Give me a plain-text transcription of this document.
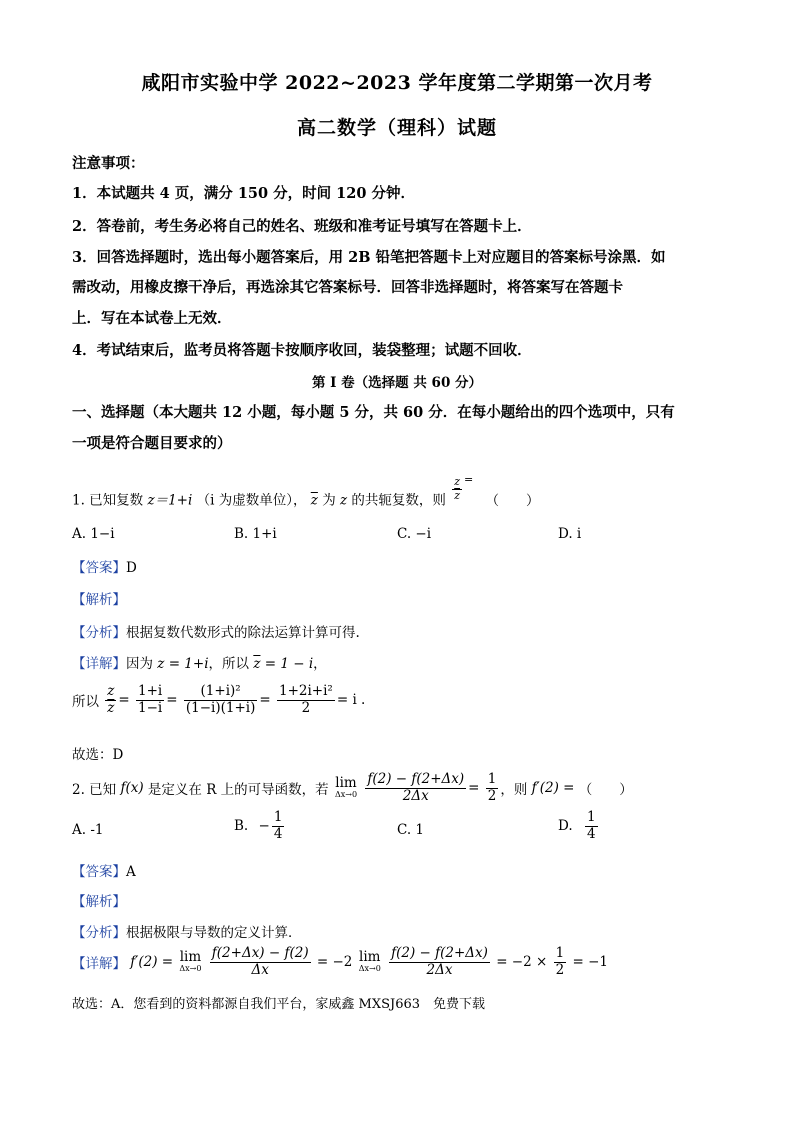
咸阳市实验中学 2022~2023 学年度第二学期第一次月考
高二数学（理科）试题
注意事项：
1．本试题共 4 页，满分 150 分，时间 120 分钟．
2．答卷前，考生务必将自己的姓名、班级和准考证号填写在答题卡上．
3．回答选择题时，选出每小题答案后，用 2B 铅笔把答题卡上对应题目的答案标号涂黑．如
需改动，用橡皮擦干净后，再选涂其它答案标号．回答非选择题时，将答案写在答题卡
上．写在本试卷上无效．
4．考试结束后，监考员将答题卡按顺序收回，装袋整理；试题不回收．
第 I 卷（选择题 共 60 分）
一、选择题（本大题共 12 小题，每小题 5 分，共 60 分．在每小题给出的四个选项中，只有
一项是符合题目要求的）
1. 已知复数 z＝1+i （i 为虚数单位）， $\overline{z}$ 为 z 的共轭复数，则 $\frac{z}{z} ^=$ （　　）
A. 1−i	B. 1+i	C. −i	D. i
【答案】D
【解析】
【分析】根据复数代数形式的除法运算计算可得.
【详解】因为 z = 1+i，所以 $\overline{z} = 1 - i$，
所以 $\frac{z}{z} = \frac{1+i}{1-i} = \frac{\text{(1+i)²}}{(1-i)(1+i)} = \frac{\text{1+2i+i²}}{2} = i$ .
故选：D
2. 已知 f(x) 是定义在 R 上的可导函数，若 lim
Δx→0
$\frac{f(2) - f(2+\Delta x)}{2\Delta x} = \frac{1}{2}$ ，则 f′(2) = （　　）
A. -1	B. − $\frac{1}{4}$	C. 1	D. $\frac{1}{4}$
【答案】A
【解析】
【分析】根据极限与导数的定义计算．
【详解】 f′(2) = lim
Δx→0
$\frac{f(2+\Delta x) - f(2)}{\Delta x} = -2$ lim
Δx→0
$\frac{f(2) - f(2+\Delta x)}{2\Delta x} = -2 \times \frac{1}{2} = -1$
故选：A．您看到的资料都源自我们平台，家威鑫 MXSJ663　免费下载
